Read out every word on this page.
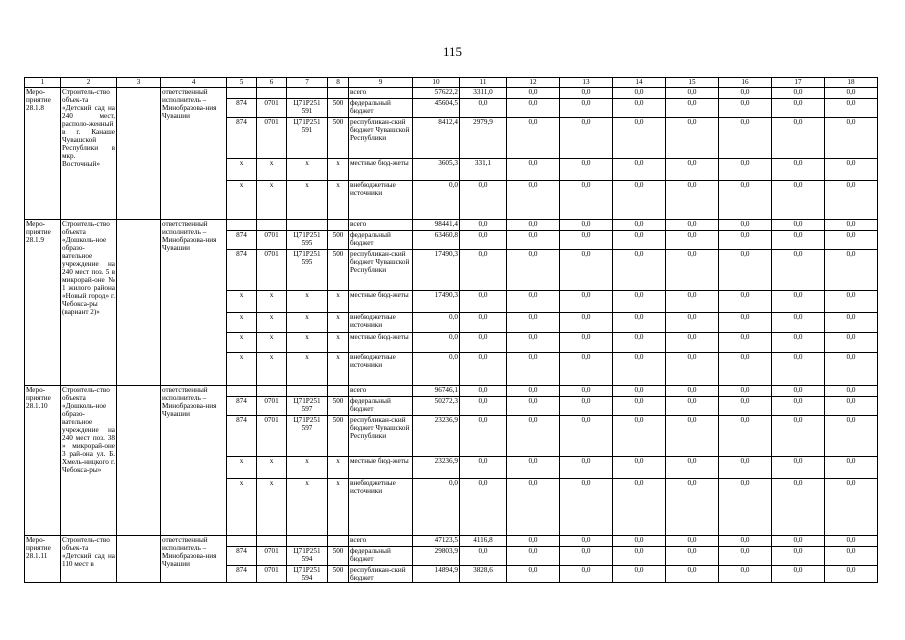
115
1	2	3	4	5	6	7	8	9	10	11	12	13	14	15	16	17	18
Меро-приятие 28.1.8	Строитель-ство объек-та «Детский сад на 240 мест, располо-женный в г. Канаше Чувашской Республики в мкр. Восточный»		ответственный исполнитель – Минобразова-ния Чувашии					всего	57622,2	3311,0	0,0	0,0	0,0	0,0	0,0	0,0	0,0
				874	0701	Ц71Р251 591	500	федеральный бюджет	45604,5	0,0	0,0	0,0	0,0	0,0	0,0	0,0	0,0
				874	0701	Ц71Р251 591	500	республикан-ский бюджет Чувашской Республики	8412,4	2979,9	0,0	0,0	0,0	0,0	0,0	0,0	0,0
				x	x	x	x	местные бюд-жеты	3605,3	331,1	0,0	0,0	0,0	0,0	0,0	0,0	0,0
				x	x	x	x	внебюджетные источники	0,0	0,0	0,0	0,0	0,0	0,0	0,0	0,0	0,0
Меро-приятие 28.1.9	Строитель-ство объекта «Дошколь-ное образо-вательное учреждение на 240 мест поз. 5 в микрорай-оне № 1 жилого района «Новый город» г. Чебокса-ры (вариант 2)»		ответственный исполнитель – Минобразова-ния Чувашии					всего	98441,4	0,0	0,0	0,0	0,0	0,0	0,0	0,0	0,0
				874	0701	Ц71Р251 595	500	федеральный бюджет	63460,8	0,0	0,0	0,0	0,0	0,0	0,0	0,0	0,0
				874	0701	Ц71Р251 595	500	республикан-ский бюджет Чувашской Республики	17490,3	0,0	0,0	0,0	0,0	0,0	0,0	0,0	0,0
				x	x	x	x	местные бюд-жеты	17490,3	0,0	0,0	0,0	0,0	0,0	0,0	0,0	0,0
				x	x	x	x	внебюджетные источники	0,0	0,0	0,0	0,0	0,0	0,0	0,0	0,0	0,0
				x	x	x	x	местные бюд-жеты	0,0	0,0	0,0	0,0	0,0	0,0	0,0	0,0	0,0
				x	x	x	x	внебюджетные источники	0,0	0,0	0,0	0,0	0,0	0,0	0,0	0,0	0,0
Меро-приятие 28.1.10	Строитель-ство объекта «Дошколь-ное образо-вательное учреждение на 240 мест поз. 38 » микрорай-оне 3 рай-она ул. Б. Хмель-ницкого г. Чебокса-ры»		ответственный исполнитель – Минобразова-ния Чувашии					всего	96746,1	0,0	0,0	0,0	0,0	0,0	0,0	0,0	0,0
				874	0701	Ц71Р251 597	500	федеральный бюджет	50272,3	0,0	0,0	0,0	0,0	0,0	0,0	0,0	0,0
				874	0701	Ц71Р251 597	500	республикан-ский бюджет Чувашской Республики	23236,9	0,0	0,0	0,0	0,0	0,0	0,0	0,0	0,0
				x	x	x	x	местные бюд-жеты	23236,9	0,0	0,0	0,0	0,0	0,0	0,0	0,0	0,0
				x	x	x	x	внебюджетные источники	0,0	0,0	0,0	0,0	0,0	0,0	0,0	0,0	0,0
Меро-приятие 28.1.11	Строитель-ство объек-та «Детский сад на 110 мест в		ответственный исполнитель – Минобразова-ния Чувашии					всего	47123,5	4116,8	0,0	0,0	0,0	0,0	0,0	0,0	0,0
				874	0701	Ц71Р251 594	500	федеральный бюджет	29803,9	0,0	0,0	0,0	0,0	0,0	0,0	0,0	0,0
				874	0701	Ц71Р251 594	500	республикан-ский бюджет	14894,9	3828,6	0,0	0,0	0,0	0,0	0,0	0,0	0,0
